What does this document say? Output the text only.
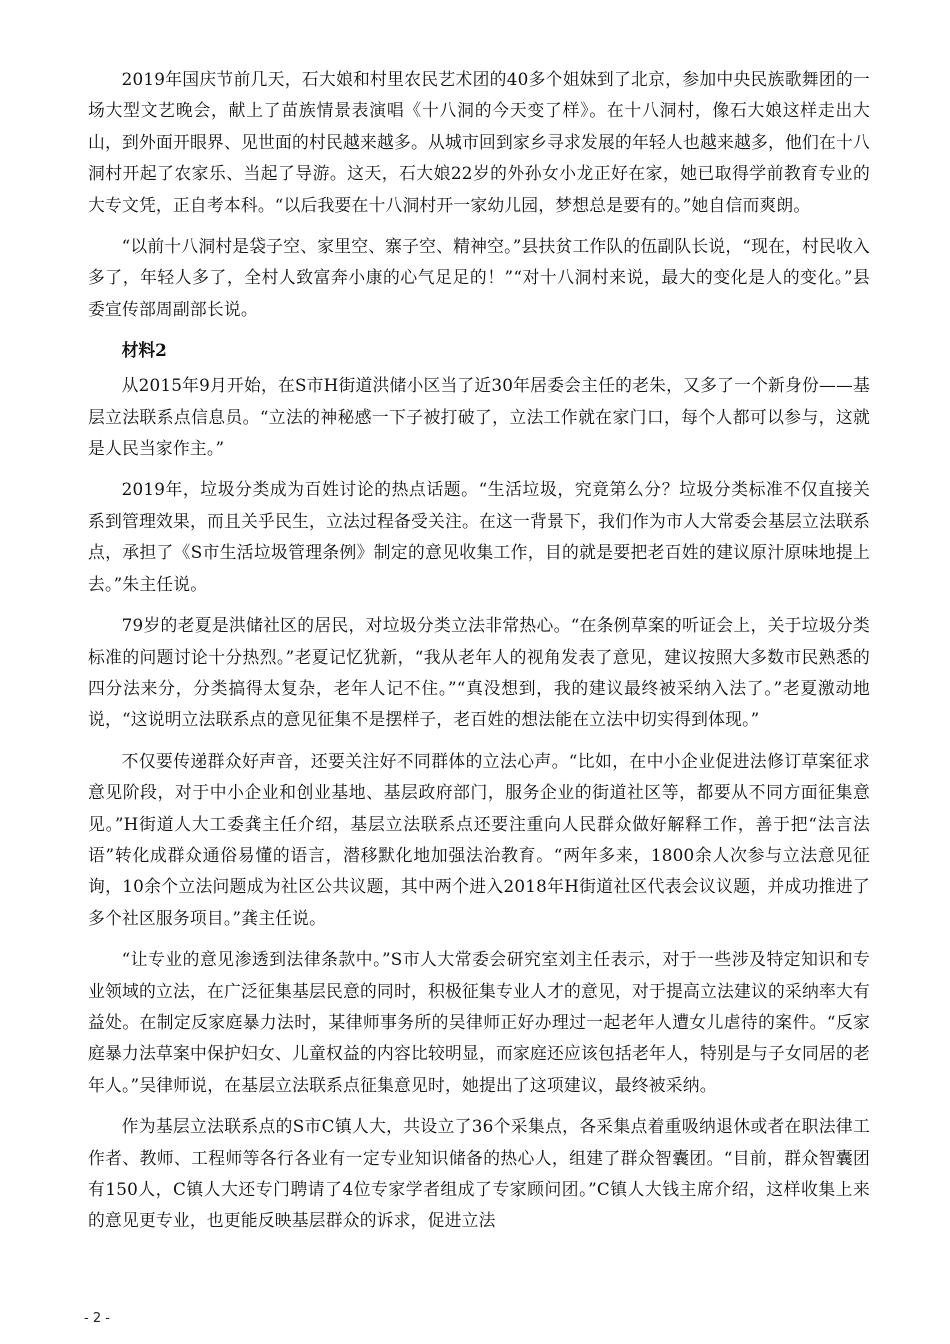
2019年国庆节前几天，石大娘和村里农民艺术团的40多个姐妹到了北京，参加中央民族歌舞团的一场大型文艺晚会，献上了苗族情景表演唱《十八洞的今天变了样》。在十八洞村，像石大娘这样走出大山，到外面开眼界、见世面的村民越来越多。从城市回到家乡寻求发展的年轻人也越来越多，他们在十八洞村开起了农家乐、当起了导游。这天，石大娘22岁的外孙女小龙正好在家，她已取得学前教育专业的大专文凭，正自考本科。“以后我要在十八洞村开一家幼儿园，梦想总是要有的。”她自信而爽朗。

“以前十八洞村是袋子空、家里空、寨子空、精神空。”县扶贫工作队的伍副队长说，“现在，村民收入多了，年轻人多了，全村人致富奔小康的心气足足的！”“对十八洞村来说，最大的变化是人的变化。”县委宣传部周副部长说。

材料2

从2015年9月开始，在S市H街道洪储小区当了近30年居委会主任的老朱，又多了一个新身份——基层立法联系点信息员。“立法的神秘感一下子被打破了，立法工作就在家门口，每个人都可以参与，这就是人民当家作主。”

2019年，垃圾分类成为百姓讨论的热点话题。“生活垃圾，究竟第么分？垃圾分类标准不仅直接关系到管理效果，而且关乎民生，立法过程备受关注。在这一背景下，我们作为市人大常委会基层立法联系点，承担了《S市生活垃圾管理条例》制定的意见收集工作，目的就是要把老百姓的建议原汁原味地提上去。”朱主任说。

79岁的老夏是洪储社区的居民，对垃圾分类立法非常热心。“在条例草案的听证会上，关于垃圾分类标准的问题讨论十分热烈。”老夏记忆犹新，“我从老年人的视角发表了意见，建议按照大多数市民熟悉的四分法来分，分类搞得太复杂，老年人记不住。”“真没想到，我的建议最终被采纳入法了。”老夏激动地说，“这说明立法联系点的意见征集不是摆样子，老百姓的想法能在立法中切实得到体现。”

不仅要传递群众好声音，还要关注好不同群体的立法心声。“比如，在中小企业促进法修订草案征求意见阶段，对于中小企业和创业基地、基层政府部门，服务企业的街道社区等，都要从不同方面征集意见。”H街道人大工委龚主任介绍，基层立法联系点还要注重向人民群众做好解释工作，善于把“法言法语”转化成群众通俗易懂的语言，潜移默化地加强法治教育。“两年多来，1800余人次参与立法意见征询，10余个立法问题成为社区公共议题，其中两个进入2018年H街道社区代表会议议题，并成功推进了多个社区服务项目。”龚主任说。

“让专业的意见渗透到法律条款中。”S市人大常委会研究室刘主任表示，对于一些涉及特定知识和专业领域的立法，在广泛征集基层民意的同时，积极征集专业人才的意见，对于提高立法建议的采纳率大有益处。在制定反家庭暴力法时，某律师事务所的吴律师正好办理过一起老年人遭女儿虐待的案件。“反家庭暴力法草案中保护妇女、儿童权益的内容比较明显，而家庭还应该包括老年人，特别是与子女同居的老年人。”吴律师说，在基层立法联系点征集意见时，她提出了这项建议，最终被采纳。

作为基层立法联系点的S市C镇人大，共设立了36个采集点，各采集点着重吸纳退休或者在职法律工作者、教师、工程师等各行各业有一定专业知识储备的热心人，组建了群众智囊团。“目前，群众智囊团有150人，C镇人大还专门聘请了4位专家学者组成了专家顾问团。”C镇人大钱主席介绍，这样收集上来的意见更专业，也更能反映基层群众的诉求，促进立法

- 2 -
